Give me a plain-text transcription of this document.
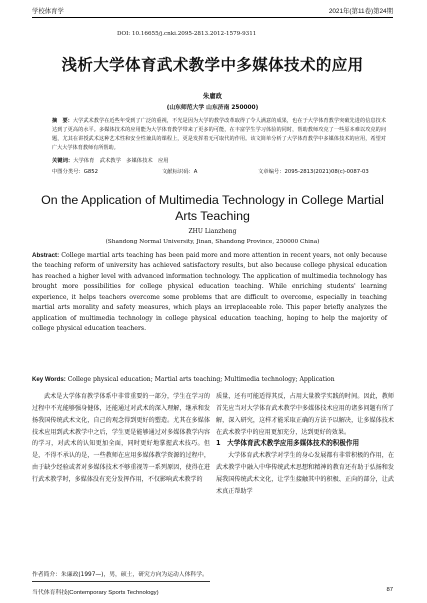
学校体育学	2021年(第11卷)第24期
DOI: 10.16655/j.cnki.2095-2813.2012-1579-9311
浅析大学体育武术教学中多媒体技术的应用
朱庸政
(山东师范大学 山东济南 250000)
摘　要：大学武术教学在近些年受到了广泛的重视，不光是因为大学的教学改革取得了令人满意的成果，也在于大学体育教学突破先进的信息技术达到了更高的水平。多媒体技术的应用能为大学体育教学带来了更多的可能，在丰富学生学习体验的同时，帮助教师攻克了一些原本难以攻克的问题，尤其在讲授武术这种艺术性和安全性兼具的课程上，更是发挥着无可取代的作用。该文简单分析了大学体育教学中多媒体技术的应用，希望对广大大学体育教师有所帮助。
关键词：大学体育　武术教学　多媒体技术　应用
中图分类号：G852	文献标识码：A	文章编号：2095-2813(2021)08(c)-0087-03
On the Application of Multimedia Technology in College Martial Arts Teaching
ZHU Lianzheng
(Shandong Normal University, Jinan, Shandong Province, 250000 China)
Abstract: College martial arts teaching has been paid more and more attention in recent years, not only because the teaching reform of university has achieved satisfactory results, but also because college physical education has reached a higher level with advanced information technology. The application of multimedia technology has brought more possibilities for college physical education teaching. While enriching students' learning experience, it helps teachers overcome some problems that are difficult to overcome, especially in teaching martial arts morality and safety measures, which plays an irreplaceable role. This paper briefly analyzes the application of multimedia technology in college physical education teaching, hoping to help the majority of college physical education teachers.
Key Words: College physical education; Martial arts teaching; Multimedia technology; Application

武术是大学体育教学体系中非常重要的一部分，学生在学习的过程中不光能够强身健体，还能通过对武术的深入理解，继承和发扬我国传统武术文化，自己的观念得到更好的塑造。尤其在多媒体技术应用到武术教学中之后，学生更是能够通过对多媒体教学内容的学习，对武术的认知更加全面，同时更好地掌握武术技巧。但是，不得不承认的是，一些教师在应用多媒体教学资源的过程中，由于缺少经验或者对多媒体技术不够重视等一系列原因，使得在进行武术教学时，多媒体没有充分发挥作用，不仅影响武术教学的

质量，还有可能适得其反，占用大量教学实践的时间。因此，教师首先应当对大学体育武术教学中多媒体技术应用的诸多问题有所了解，深入研究，这样才能采取正确的方法予以解决，让多媒体技术在武术教学中的应用更加充分，达到更好的效果。

1　大学体育武术教学应用多媒体技术的积极作用

大学体育武术教学对学生的身心发展都有非常积极的作用，在武术教学中融入中华传统武术思想和精神的教育还有助于弘扬和发展我国传统武术文化，让学生接触其中的积极、正向的部分，让武术真正帮助学

作者简介：朱廉政(1997—)，男，硕士，研究方向为运动人体科学。
当代体育科技(Contemporary Sports Technology)	87
